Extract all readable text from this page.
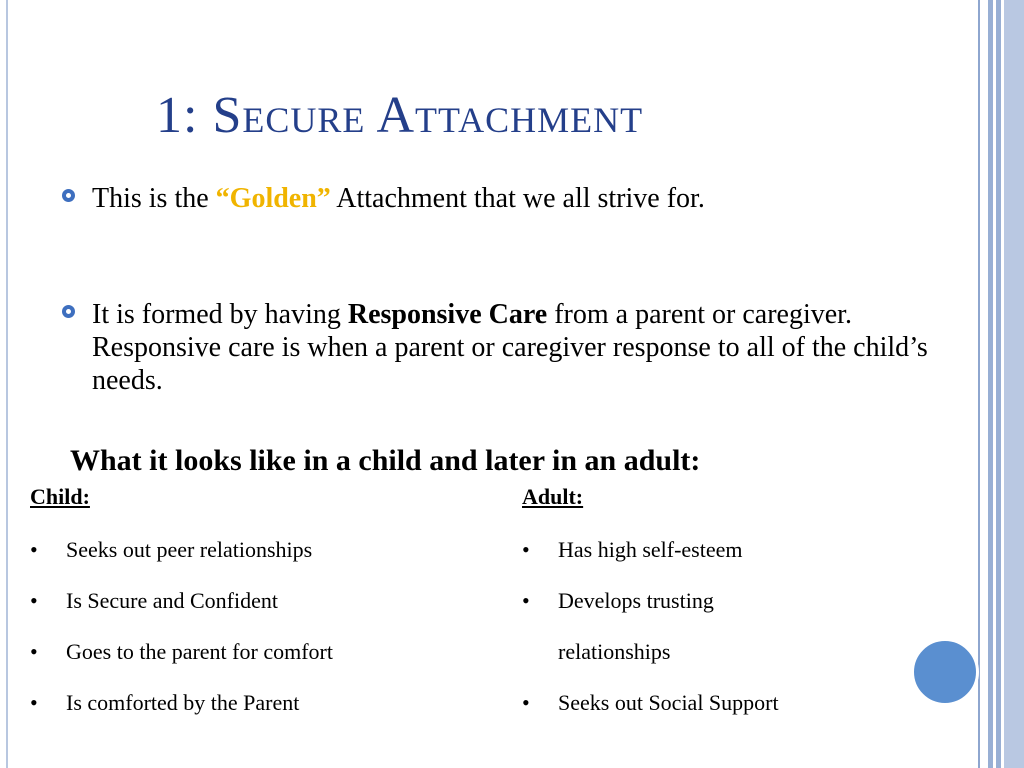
1: Secure Attachment
This is the “Golden” Attachment that we all strive for.
It is formed by having Responsive Care from a parent or caregiver. Responsive care is when a parent or caregiver response to all of the child’s needs.
What it looks like in a child and later in an adult:
Child:
• Seeks out peer relationships
• Is Secure and Confident
• Goes to the parent for comfort
• Is comforted by the Parent
Adult:
• Has high self-esteem
• Develops trusting relationships
• Seeks out Social Support
